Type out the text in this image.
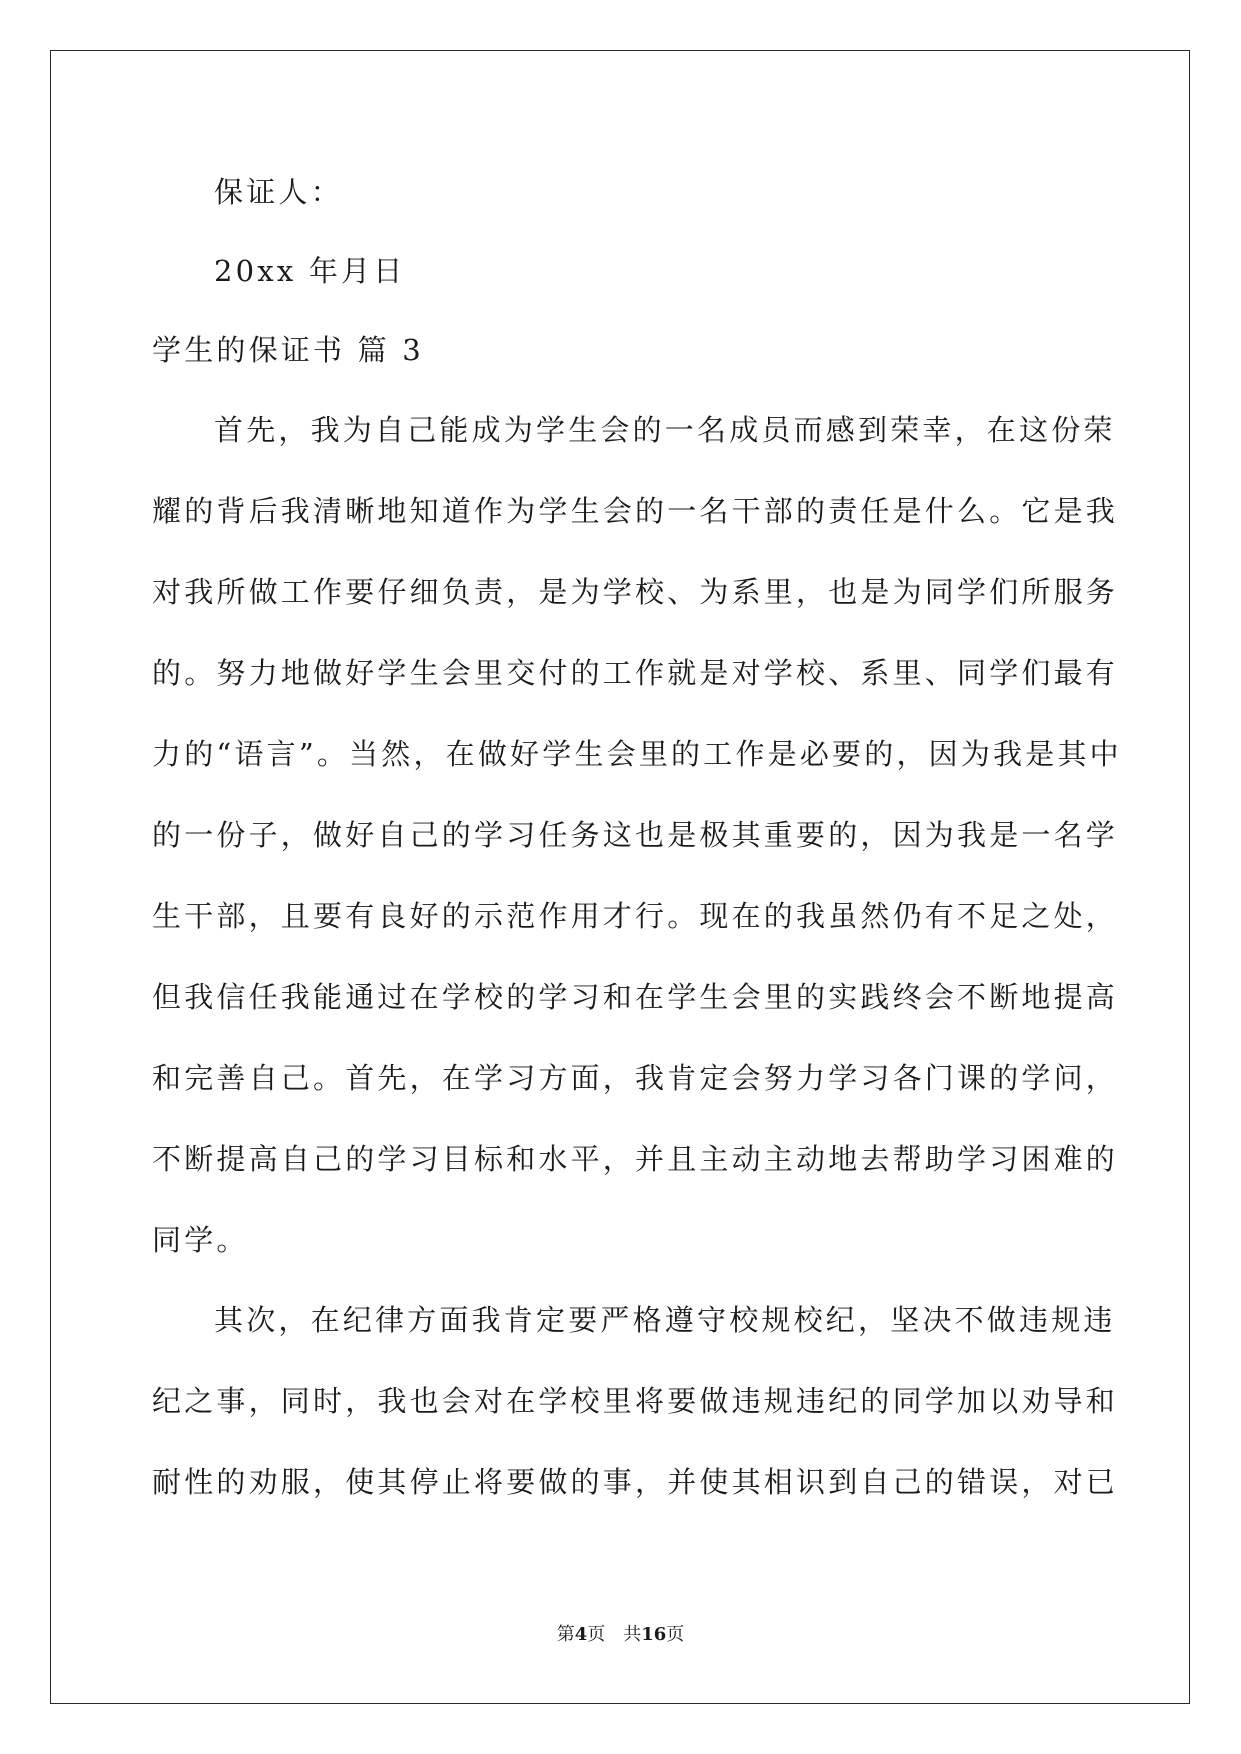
保证人：
20xx 年月日
学生的保证书 篇 3
首先，我为自己能成为学生会的一名成员而感到荣幸，在这份荣
耀的背后我清晰地知道作为学生会的一名干部的责任是什么。它是我
对我所做工作要仔细负责，是为学校、为系里，也是为同学们所服务
的。努力地做好学生会里交付的工作就是对学校、系里、同学们最有
力的“语言”。当然，在做好学生会里的工作是必要的，因为我是其中
的一份子，做好自己的学习任务这也是极其重要的，因为我是一名学
生干部，且要有良好的示范作用才行。现在的我虽然仍有不足之处，
但我信任我能通过在学校的学习和在学生会里的实践终会不断地提高
和完善自己。首先，在学习方面，我肯定会努力学习各门课的学问，
不断提高自己的学习目标和水平，并且主动主动地去帮助学习困难的
同学。
其次，在纪律方面我肯定要严格遵守校规校纪，坚决不做违规违
纪之事，同时，我也会对在学校里将要做违规违纪的同学加以劝导和
耐性的劝服，使其停止将要做的事，并使其相识到自己的错误，对已
第4页　共16页
